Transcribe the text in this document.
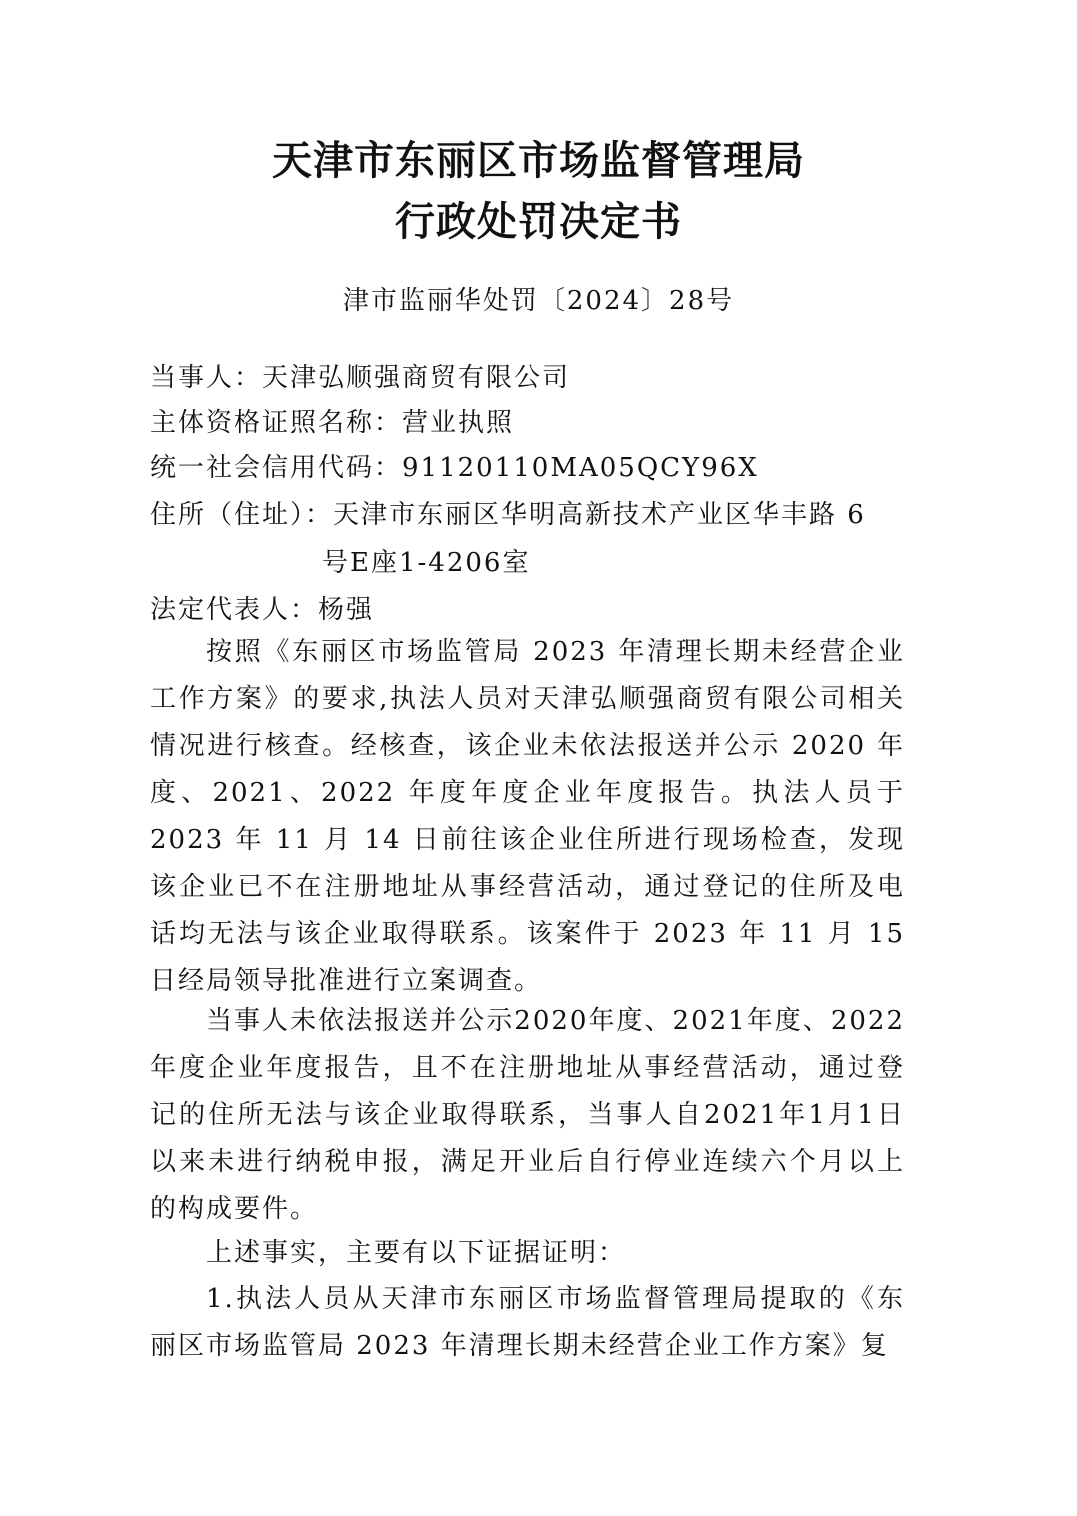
天津市东丽区市场监督管理局
行政处罚决定书
津市监丽华处罚〔2024〕28号
当事人：天津弘顺强商贸有限公司
主体资格证照名称：营业执照
统一社会信用代码：91120110MA05QCY96X
住所（住址）：天津市东丽区华明高新技术产业区华丰路 6
号E座1-4206室
法定代表人：杨强

按照《东丽区市场监管局 2023 年清理长期未经营企业工作方案》的要求,执法人员对天津弘顺强商贸有限公司相关情况进行核查。经核查，该企业未依法报送并公示 2020 年度、2021、2022 年度年度企业年度报告。执法人员于 2023 年 11 月 14 日前往该企业住所进行现场检查，发现该企业已不在注册地址从事经营活动，通过登记的住所及电话均无法与该企业取得联系。该案件于 2023 年 11 月 15 日经局领导批准进行立案调查。

当事人未依法报送并公示2020年度、2021年度、2022年度企业年度报告，且不在注册地址从事经营活动，通过登记的住所无法与该企业取得联系，当事人自2021年1月1日以来未进行纳税申报，满足开业后自行停业连续六个月以上的构成要件。

上述事实，主要有以下证据证明：

1.执法人员从天津市东丽区市场监督管理局提取的《东丽区市场监管局 2023 年清理长期未经营企业工作方案》复
